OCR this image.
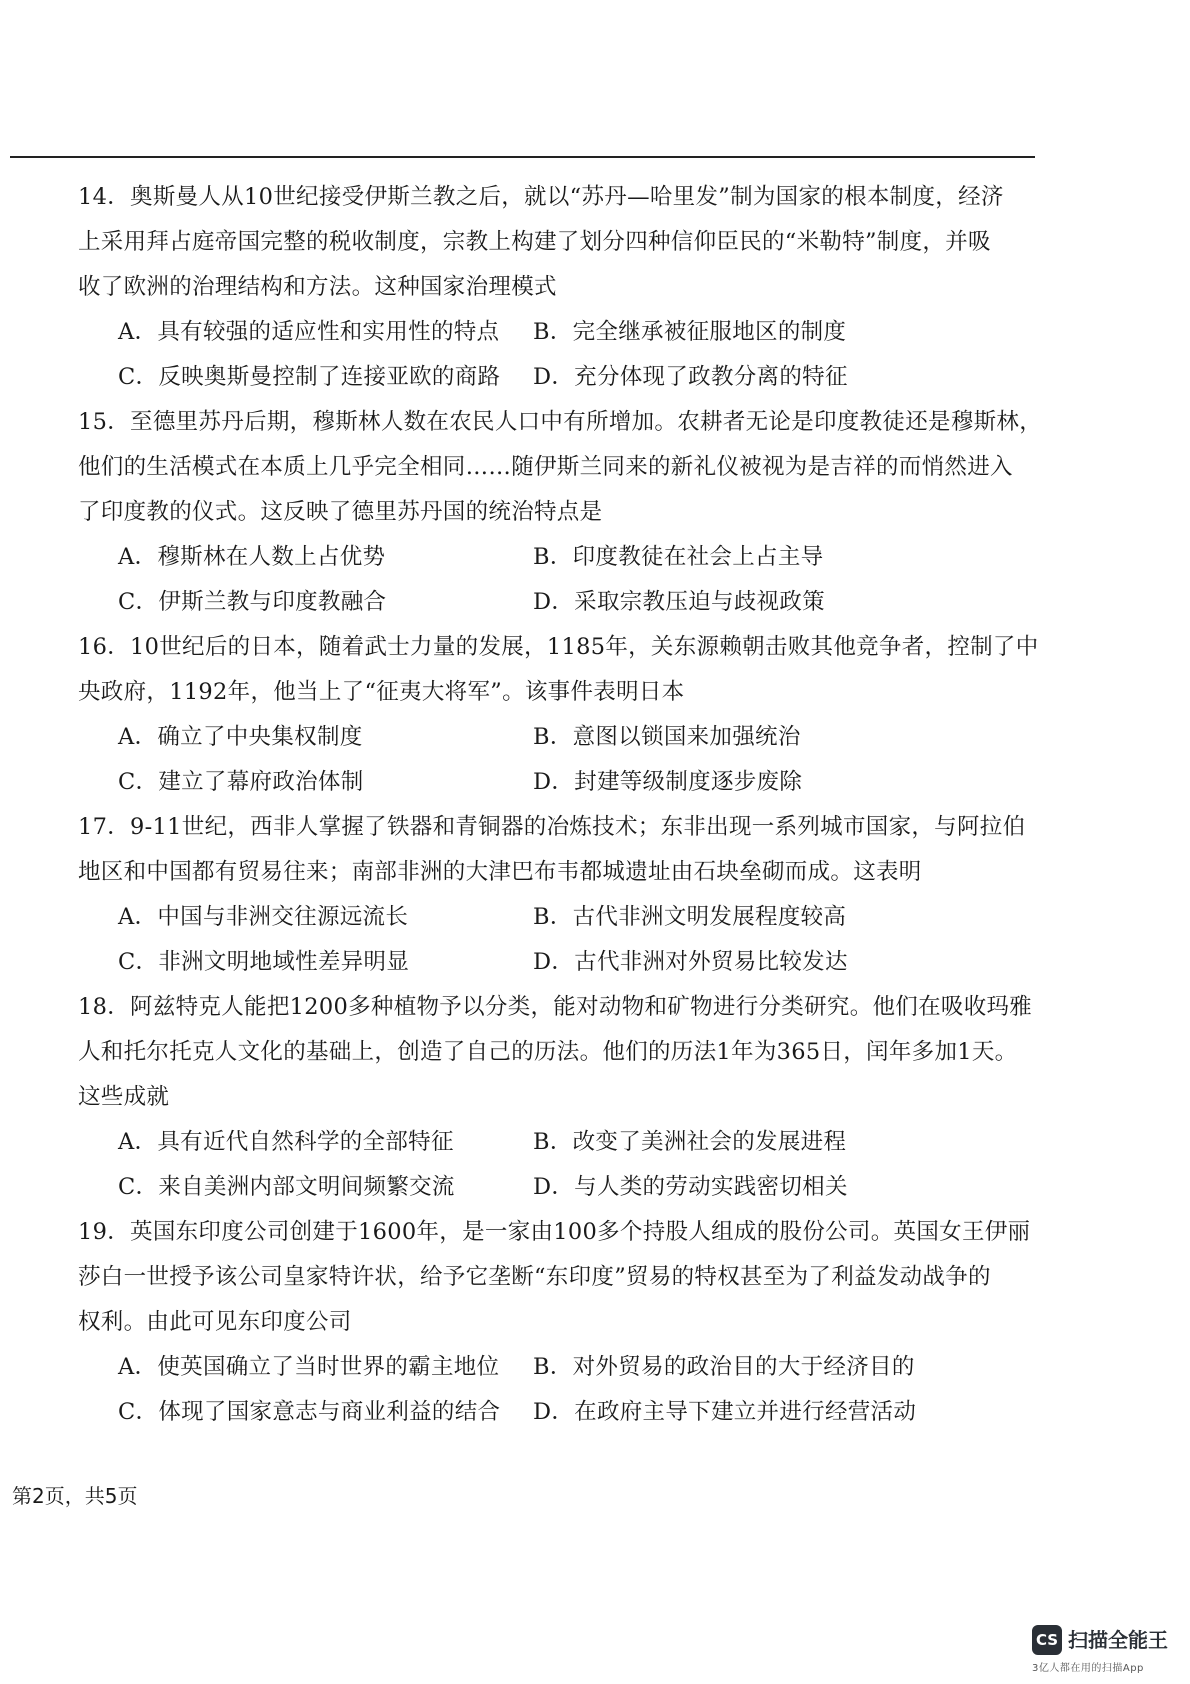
14．奥斯曼人从10世纪接受伊斯兰教之后，就以“苏丹—哈里发”制为国家的根本制度，经济

上采用拜占庭帝国完整的税收制度，宗教上构建了划分四种信仰臣民的“米勒特”制度，并吸

收了欧洲的治理结构和方法。这种国家治理模式

A．具有较强的适应性和实用性的特点 B．完全继承被征服地区的制度
C．反映奥斯曼控制了连接亚欧的商路 D．充分体现了政教分离的特征

15．至德里苏丹后期，穆斯林人数在农民人口中有所增加。农耕者无论是印度教徒还是穆斯林，

他们的生活模式在本质上几乎完全相同……随伊斯兰同来的新礼仪被视为是吉祥的而悄然进入

了印度教的仪式。这反映了德里苏丹国的统治特点是

A．穆斯林在人数上占优势	B．印度教徒在社会上占主导
C．伊斯兰教与印度教融合	D．采取宗教压迫与歧视政策

16．10世纪后的日本，随着武士力量的发展，1185年，关东源赖朝击败其他竞争者，控制了中

央政府，1192年，他当上了“征夷大将军”。该事件表明日本

A．确立了中央集权制度	B．意图以锁国来加强统治
C．建立了幕府政治体制	D．封建等级制度逐步废除

17．9-11世纪，西非人掌握了铁器和青铜器的冶炼技术；东非出现一系列城市国家，与阿拉伯

地区和中国都有贸易往来；南部非洲的大津巴布韦都城遗址由石块垒砌而成。这表明

A．中国与非洲交往源远流长	B．古代非洲文明发展程度较高
C．非洲文明地域性差异明显	D．古代非洲对外贸易比较发达

18．阿兹特克人能把1200多种植物予以分类，能对动物和矿物进行分类研究。他们在吸收玛雅

人和托尔托克人文化的基础上，创造了自己的历法。他们的历法1年为365日，闰年多加1天。

这些成就

A．具有近代自然科学的全部特征	B．改变了美洲社会的发展进程
C．来自美洲内部文明间频繁交流	D．与人类的劳动实践密切相关

19．英国东印度公司创建于1600年，是一家由100多个持股人组成的股份公司。英国女王伊丽

莎白一世授予该公司皇家特许状，给予它垄断“东印度”贸易的特权甚至为了利益发动战争的

权利。由此可见东印度公司

A．使英国确立了当时世界的霸主地位 B．对外贸易的政治目的大于经济目的
C．体现了国家意志与商业利益的结合 D．在政府主导下建立并进行经营活动
第2页，共5页
CS 扫描全能王
3亿人都在用的扫描App
